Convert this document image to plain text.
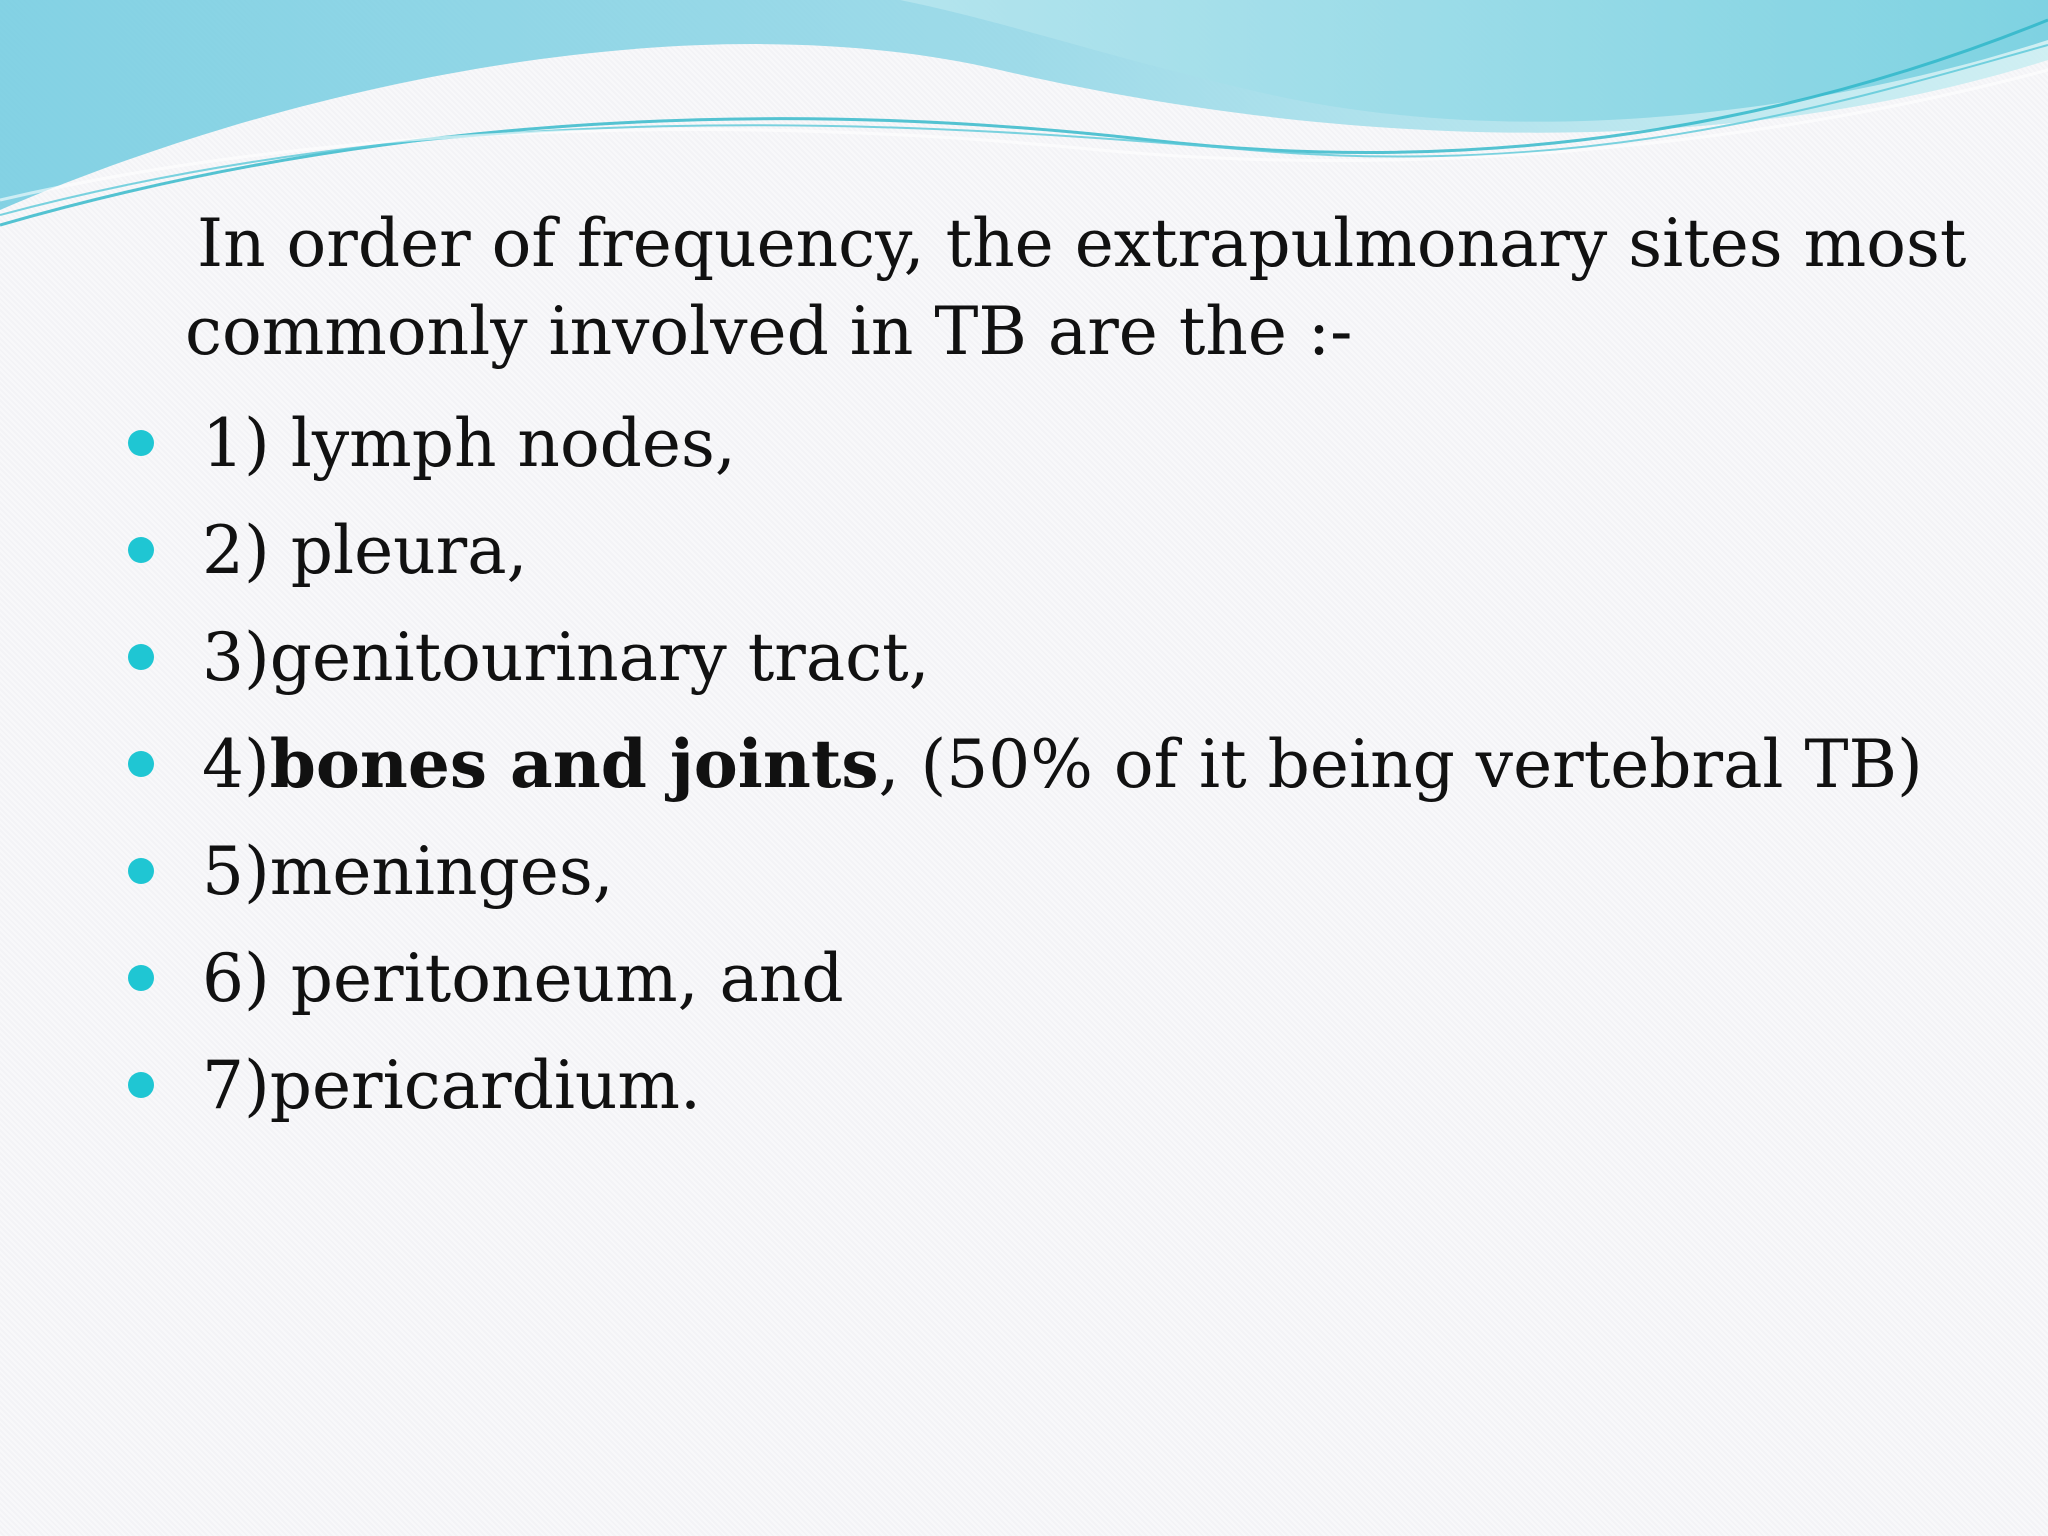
In order of frequency, the extrapulmonary sites most
commonly involved in TB are the :-

1) lymph nodes,
2) pleura,
3)genitourinary tract,
4)bones and joints, (50% of it being vertebral TB)
5)meninges,
6) peritoneum, and
7)pericardium.
